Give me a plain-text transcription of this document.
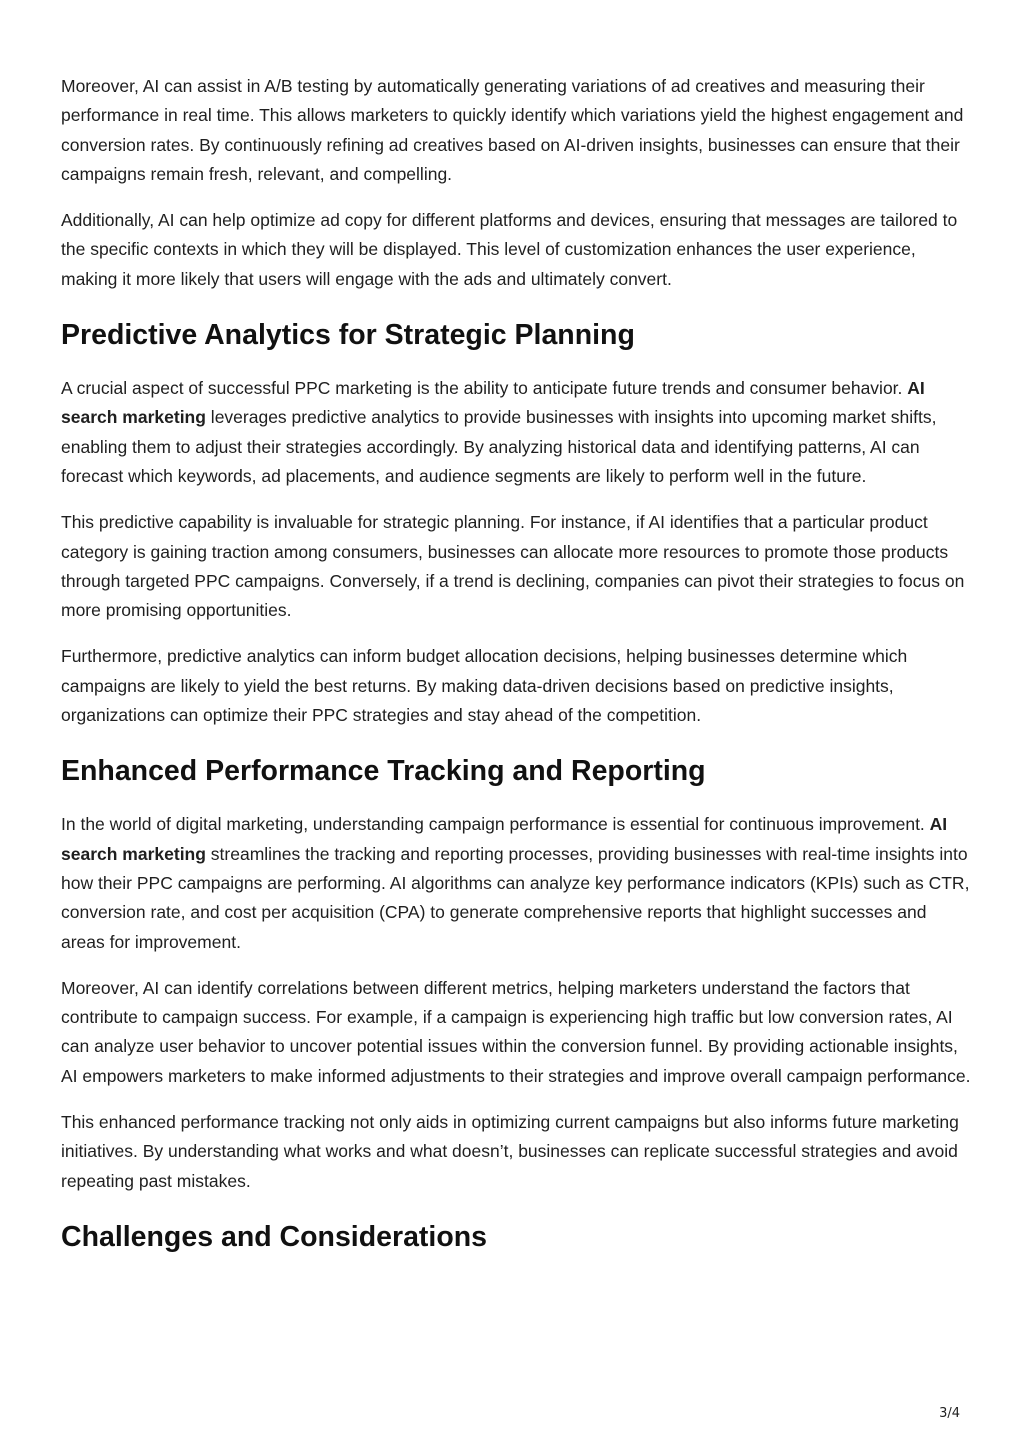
Moreover, AI can assist in A/B testing by automatically generating variations of ad creatives and measuring their performance in real time. This allows marketers to quickly identify which variations yield the highest engagement and conversion rates. By continuously refining ad creatives based on AI-driven insights, businesses can ensure that their campaigns remain fresh, relevant, and compelling.

Additionally, AI can help optimize ad copy for different platforms and devices, ensuring that messages are tailored to the specific contexts in which they will be displayed. This level of customization enhances the user experience, making it more likely that users will engage with the ads and ultimately convert.

Predictive Analytics for Strategic Planning

A crucial aspect of successful PPC marketing is the ability to anticipate future trends and consumer behavior. AI search marketing leverages predictive analytics to provide businesses with insights into upcoming market shifts, enabling them to adjust their strategies accordingly. By analyzing historical data and identifying patterns, AI can forecast which keywords, ad placements, and audience segments are likely to perform well in the future.

This predictive capability is invaluable for strategic planning. For instance, if AI identifies that a particular product category is gaining traction among consumers, businesses can allocate more resources to promote those products through targeted PPC campaigns. Conversely, if a trend is declining, companies can pivot their strategies to focus on more promising opportunities.

Furthermore, predictive analytics can inform budget allocation decisions, helping businesses determine which campaigns are likely to yield the best returns. By making data-driven decisions based on predictive insights, organizations can optimize their PPC strategies and stay ahead of the competition.

Enhanced Performance Tracking and Reporting

In the world of digital marketing, understanding campaign performance is essential for continuous improvement. AI search marketing streamlines the tracking and reporting processes, providing businesses with real-time insights into how their PPC campaigns are performing. AI algorithms can analyze key performance indicators (KPIs) such as CTR, conversion rate, and cost per acquisition (CPA) to generate comprehensive reports that highlight successes and areas for improvement.

Moreover, AI can identify correlations between different metrics, helping marketers understand the factors that contribute to campaign success. For example, if a campaign is experiencing high traffic but low conversion rates, AI can analyze user behavior to uncover potential issues within the conversion funnel. By providing actionable insights, AI empowers marketers to make informed adjustments to their strategies and improve overall campaign performance.

This enhanced performance tracking not only aids in optimizing current campaigns but also informs future marketing initiatives. By understanding what works and what doesn’t, businesses can replicate successful strategies and avoid repeating past mistakes.

Challenges and Considerations
3/4
